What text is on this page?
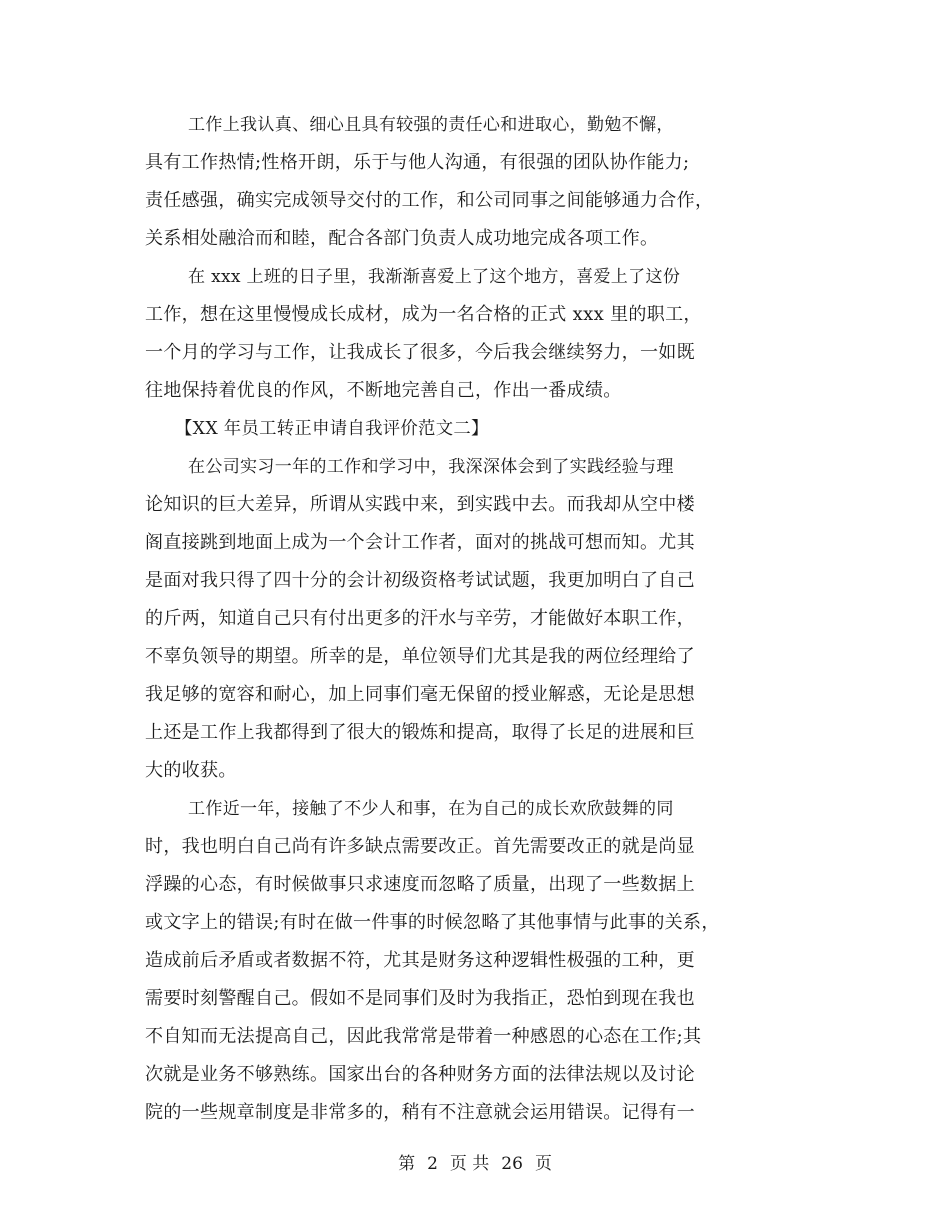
工作上我认真、细心且具有较强的责任心和进取心，勤勉不懈，
具有工作热情;性格开朗，乐于与他人沟通，有很强的团队协作能力;
责任感强，确实完成领导交付的工作，和公司同事之间能够通力合作，
关系相处融洽而和睦，配合各部门负责人成功地完成各项工作。
在 xxx 上班的日子里，我渐渐喜爱上了这个地方，喜爱上了这份
工作，想在这里慢慢成长成材，成为一名合格的正式 xxx 里的职工，
一个月的学习与工作，让我成长了很多，今后我会继续努力，一如既
往地保持着优良的作风，不断地完善自己，作出一番成绩。
【XX 年员工转正申请自我评价范文二】
在公司实习一年的工作和学习中，我深深体会到了实践经验与理
论知识的巨大差异，所谓从实践中来，到实践中去。而我却从空中楼
阁直接跳到地面上成为一个会计工作者，面对的挑战可想而知。尤其
是面对我只得了四十分的会计初级资格考试试题，我更加明白了自己
的斤两，知道自己只有付出更多的汗水与辛劳，才能做好本职工作，
不辜负领导的期望。所幸的是，单位领导们尤其是我的两位经理给了
我足够的宽容和耐心，加上同事们毫无保留的授业解惑，无论是思想
上还是工作上我都得到了很大的锻炼和提高，取得了长足的进展和巨
大的收获。
工作近一年，接触了不少人和事，在为自己的成长欢欣鼓舞的同
时，我也明白自己尚有许多缺点需要改正。首先需要改正的就是尚显
浮躁的心态，有时候做事只求速度而忽略了质量，出现了一些数据上
或文字上的错误;有时在做一件事的时候忽略了其他事情与此事的关系，
造成前后矛盾或者数据不符，尤其是财务这种逻辑性极强的工种，更
需要时刻警醒自己。假如不是同事们及时为我指正，恐怕到现在我也
不自知而无法提高自己，因此我常常是带着一种感恩的心态在工作;其
次就是业务不够熟练。国家出台的各种财务方面的法律法规以及讨论
院的一些规章制度是非常多的，稍有不注意就会运用错误。记得有一
第 2 页 共 26 页
